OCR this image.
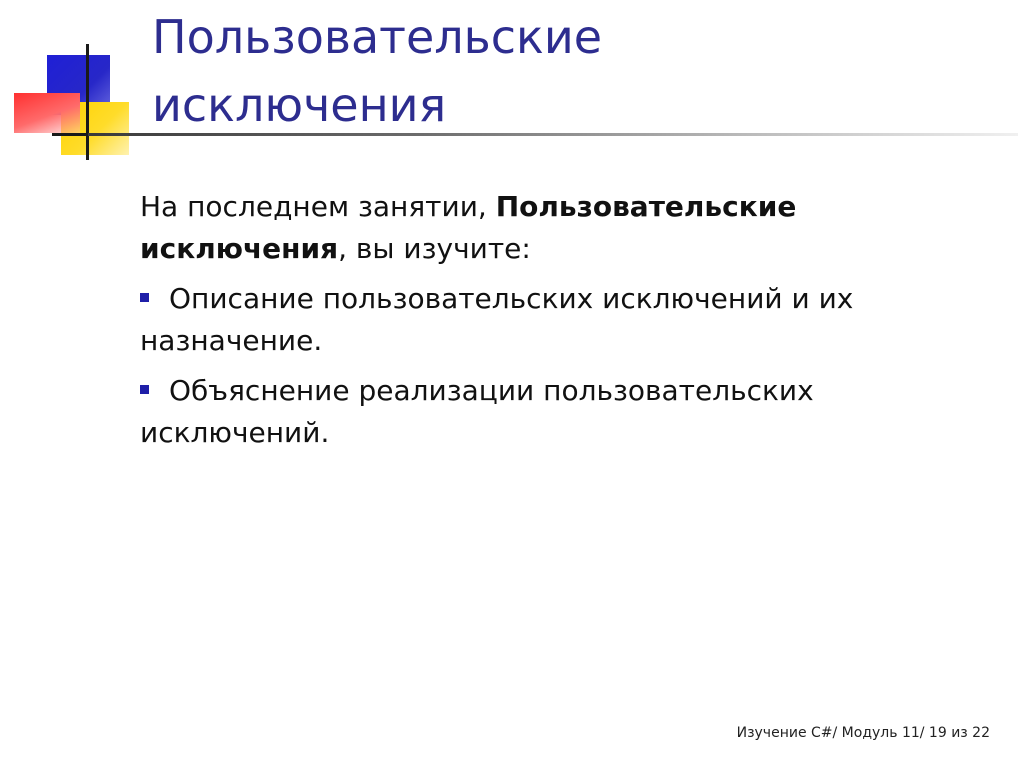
Пользовательские
исключения

На последнем занятии, Пользовательские
исключения, вы изучите:

Описание пользовательских исключений и их
назначение.

Объяснение реализации пользовательских
исключений.

Изучение C#/ Модуль 11/ 19 из 22
